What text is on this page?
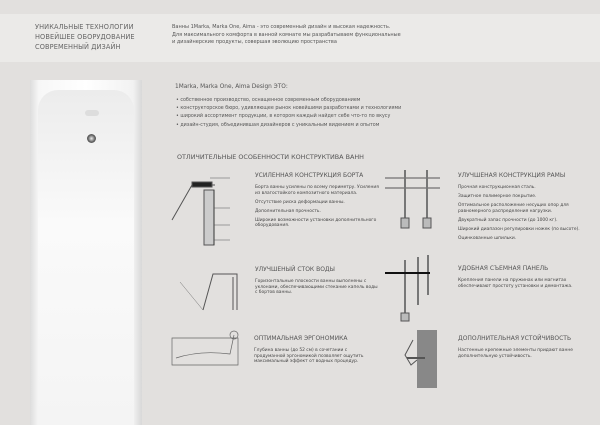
УНИКАЛЬНЫЕ ТЕХНОЛОГИИ
НОВЕЙШЕЕ ОБОРУДОВАНИЕ
СОВРЕМЕННЫЙ ДИЗАЙН
Ванны 1Marka, Marka One, Aima - это современный дизайн и высокая надежность.
Для максимального комфорта в ванной комнате мы разрабатываем функциональные
и дизайнерские продукты, совершая эволюцию пространства
1Marka, Marka One, Aima Design ЭТО:
• собственное производство, оснащенное современным оборудованием
• конструкторское бюро, удивляющее рынок новейшими разработками и технологиями
• широкий ассортимент продукции, в котором каждый найдет себе что-то по вкусу
• дизайн-студия, объединившая дизайнеров с уникальным видением и опытом
ОТЛИЧИТЕЛЬНЫЕ ОСОБЕННОСТИ КОНСТРУКТИВА ВАНН
УСИЛЕННАЯ КОНСТРУКЦИЯ БОРТА

Борта ванны усилены по всему периметру. Усиления из влагостойкого композитного материала.

Отсутствие риска деформации ванны.

Дополнительная прочность.

Широкие возможности установки дополнительного оборудования.

УЛУЧШЕНЫЙ СТОК ВОДЫ

Горизонтальные плоскости ванны выполнены с уклонами, обеспечивающими стекание капель воды с бортов ванны.

ОПТИМАЛЬНАЯ ЭРГОНОМИКА

Глубина ванны (до 52 см) в сочетании с продуманной эргономикой позволяет ощутить максимальный эффект от водных процедур.

УЛУЧШЕНАЯ КОНСТРУКЦИЯ РАМЫ

Прочная конструкционная сталь.

Защитное полимерное покрытие.

Оптимальное расположение несущих опор для равномерного распределения нагрузки.

Двукратный запас прочности (до 1000 кг).

Широкий диапазон регулировки ножек (по высоте).

Оцинкованные шпильки.

УДОБНАЯ СЪЕМНАЯ ПАНЕЛЬ

Крепления панели на пружинах или магнитах обеспечивают простоту установки и демонтажа.

ДОПОЛНИТЕЛЬНАЯ УСТОЙЧИВОСТЬ

Настенные крепежные элементы придают ванне дополнительную устойчивость.
